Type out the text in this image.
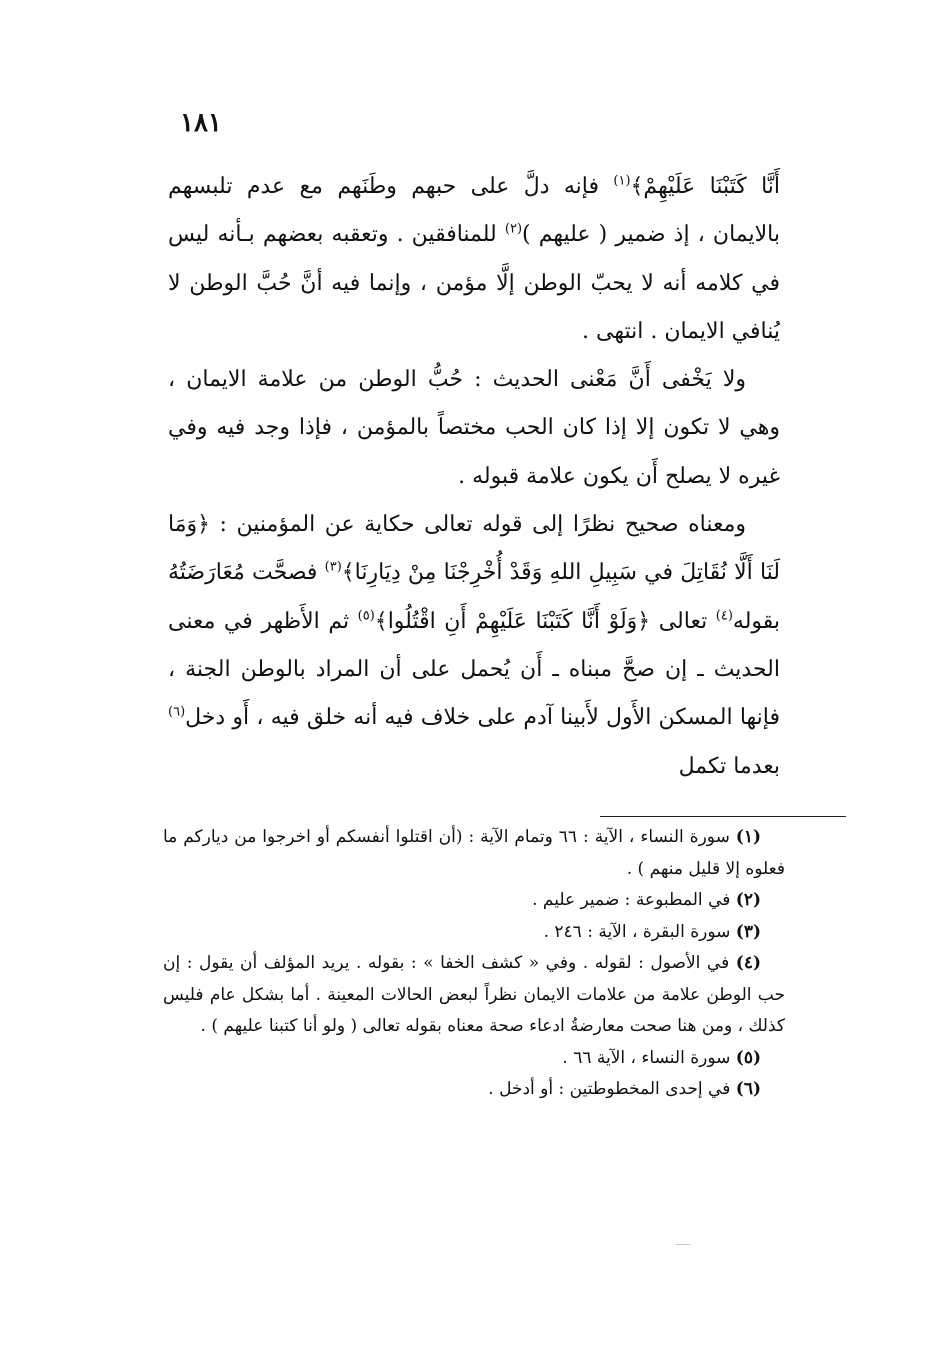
١٨١

أَنَّا كَتَبْنَا عَلَيْهِمْ﴾$^{(١)}$ فإنه دلَّ على حبهم وطَنَهم مع عدم تلبسهم بالايمان ، إذ ضمير ( عليهم )$^{(٢)}$ للمنافقين . وتعقبه بعضهم بـأنه ليس في كلامه أنه لا يحبّ الوطن إلَّا مؤمن ، وإنما فيه أنَّ حُبَّ الوطن لا يُنافي الايمان . انتهى .

ولا يَخْفى أَنَّ مَعْنى الحديث : حُبُّ الوطن من علامة الايمان ، وهي لا تكون إلا إذا كان الحب مختصاً بالمؤمن ، فإذا وجد فيه وفي غيره لا يصلح أَن يكون علامة قبوله .

ومعناه صحيح نظرًا إلى قوله تعالى حكاية عن المؤمنين : ﴿وَمَا لَنَا أَلَّا نُقَاتِلَ في سَبِيلِ اللهِ وَقَدْ أُخْرِجْنَا مِنْ دِيَارِنَا﴾$^{(٣)}$ فصحَّت مُعَارَضَتُهُ بقوله$^{(٤)}$ تعالى ﴿وَلَوْ أَنَّا كَتَبْنَا عَلَيْهِمْ أَنِ اقْتُلُوا﴾$^{(٥)}$ ثم الأَظهر في معنى الحديث ـ إن صحَّ مبناه ـ أَن يُحمل على أن المراد بالوطن الجنة ، فإنها المسكن الأَول لأَبينا آدم على خلاف فيه أنه خلق فيه ، أَو دخل$^{(٦)}$ بعدما تكمل

(١) سورة النساء ، الآية : ٦٦ وتمام الآية : (أن اقتلوا أنفسكم أو اخرجوا من ديارکم ما فعلوه إلا قليل منهم ) .

(٢) في المطبوعة : ضمير عليم .

(٣) سورة البقرة ، الآية : ٢٤٦ .

(٤) في الأصول : لقوله . وفي « كشف الخفا » : بقوله . يريد المؤلف أن يقول : إن حب الوطن علامة من علامات الايمان نظراً لبعض الحالات المعينة . أما بشكل عام فليس كذلك ، ومن هنا صحت معارضةُ ادعاء صحة معناه بقوله تعالى ( ولو أنا كتبنا عليهم ) .

(٥) سورة النساء ، الآية ٦٦ .

(٦) في إحدى المخطوطتين : أو أدخل .
